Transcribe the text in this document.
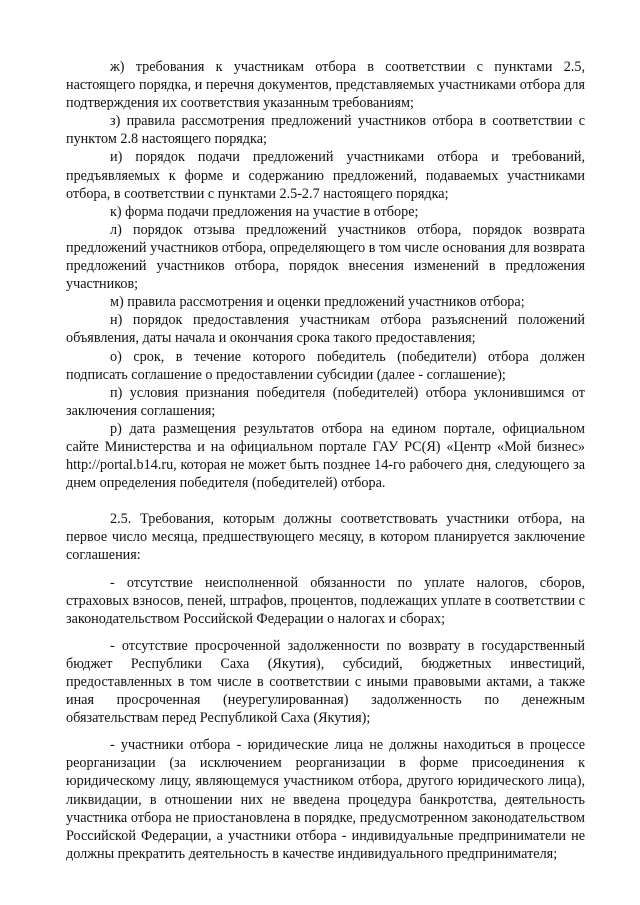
ж) требования к участникам отбора в соответствии с пунктами 2.5, настоящего порядка, и перечня документов, представляемых участниками отбора для подтверждения их соответствия указанным требованиям;

з) правила рассмотрения предложений участников отбора в соответствии с пунктом 2.8 настоящего порядка;

и) порядок подачи предложений участниками отбора и требований, предъявляемых к форме и содержанию предложений, подаваемых участниками отбора, в соответствии с пунктами 2.5-2.7 настоящего порядка;

к) форма подачи предложения на участие в отборе;

л) порядок отзыва предложений участников отбора, порядок возврата предложений участников отбора, определяющего в том числе основания для возврата предложений участников отбора, порядок внесения изменений в предложения участников;

м) правила рассмотрения и оценки предложений участников отбора;

н) порядок предоставления участникам отбора разъяснений положений объявления, даты начала и окончания срока такого предоставления;

о) срок, в течение которого победитель (победители) отбора должен подписать соглашение о предоставлении субсидии (далее - соглашение);

п) условия признания победителя (победителей) отбора уклонившимся от заключения соглашения;

р) дата размещения результатов отбора на едином портале, официальном сайте Министерства и на официальном портале ГАУ РС(Я) «Центр «Мой бизнес» http://portal.b14.ru, которая не может быть позднее 14-го рабочего дня, следующего за днем определения победителя (победителей) отбора.

2.5. Требования, которым должны соответствовать участники отбора, на первое число месяца, предшествующего месяцу, в котором планируется заключение соглашения:

- отсутствие неисполненной обязанности по уплате налогов, сборов, страховых взносов, пеней, штрафов, процентов, подлежащих уплате в соответствии с законодательством Российской Федерации о налогах и сборах;

- отсутствие просроченной задолженности по возврату в государственный бюджет Республики Саха (Якутия), субсидий, бюджетных инвестиций, предоставленных в том числе в соответствии с иными правовыми актами, а также иная просроченная (неурегулированная) задолженность по денежным обязательствам перед Республикой Саха (Якутия);

- участники отбора - юридические лица не должны находиться в процессе реорганизации (за исключением реорганизации в форме присоединения к юридическому лицу, являющемуся участником отбора, другого юридического лица), ликвидации, в отношении них не введена процедура банкротства, деятельность участника отбора не приостановлена в порядке, предусмотренном законодательством Российской Федерации, а участники отбора - индивидуальные предприниматели не должны прекратить деятельность в качестве индивидуального предпринимателя;
